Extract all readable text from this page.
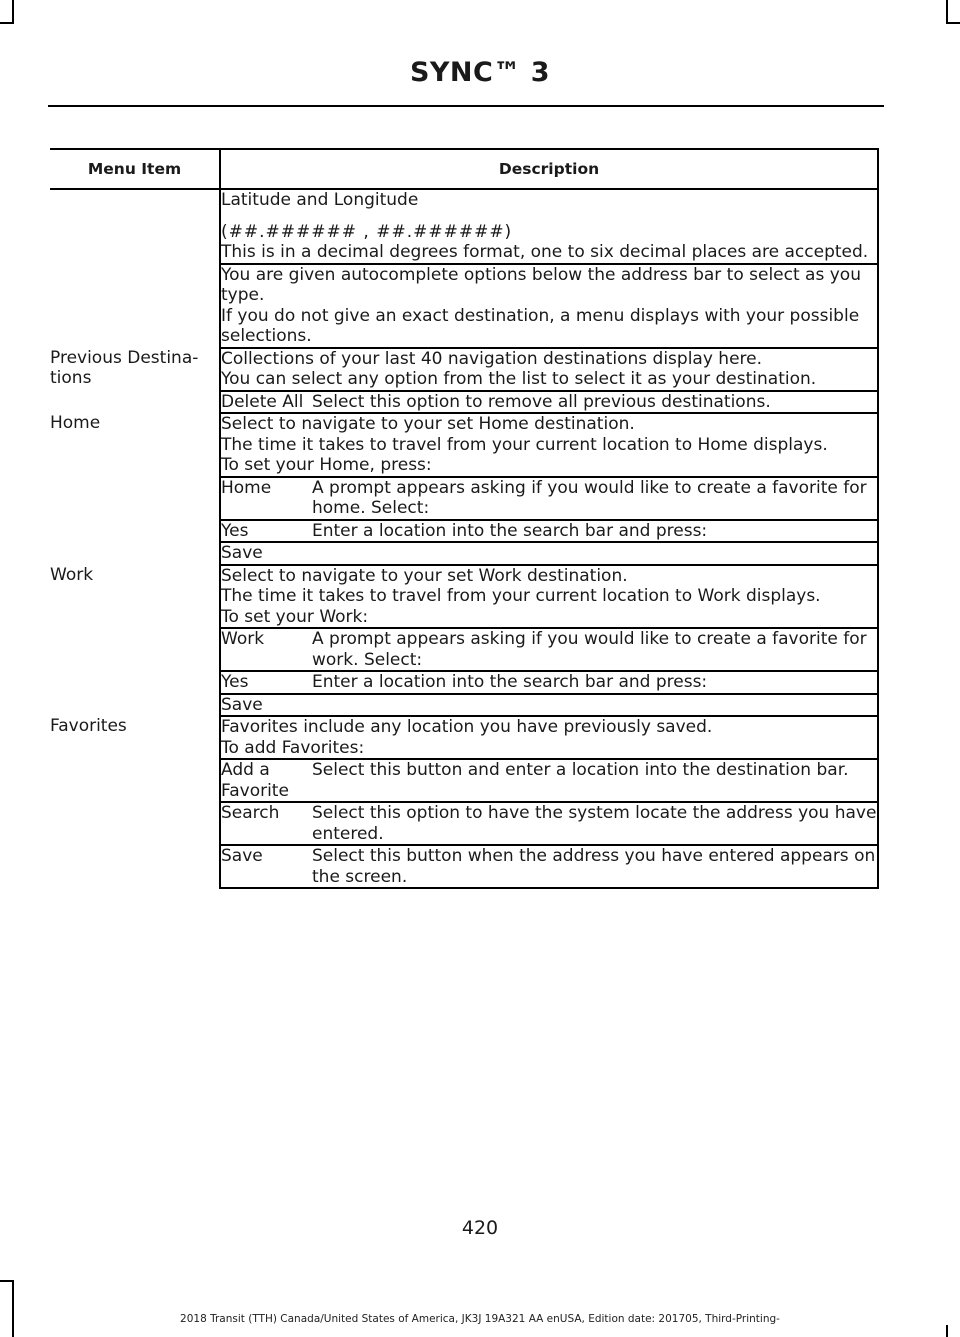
SYNC™ 3
Menu Item	Description	

	Latitude and Longitude

(##.###### , ##.######)

This is in a decimal degrees format, one to six decimal places are accepted.	

	You are given autocomplete options below the address bar to select as you type.

If you do not give an exact destination, a menu displays with your possible selections.	

Previous Destina-tions	Collections of your last 40 navigation destinations display here.

You can select any option from the list to select it as your destination.	

	Delete All	Select this option to remove all previous destinations.
Home	Select to navigate to your set Home destination.

The time it takes to travel from your current location to Home displays.

To set your Home, press:	

	Home	A prompt appears asking if you would like to create a favorite for home. Select:
	Yes	Enter a location into the search bar and press:
	Save	
Work	Select to navigate to your set Work destination.

The time it takes to travel from your current location to Work displays.

To set your Work:	

	Work	A prompt appears asking if you would like to create a favorite for work. Select:
	Yes	Enter a location into the search bar and press:
	Save	
Favorites	Favorites include any location you have previously saved.

To add Favorites:	

	Add a Favorite	Select this button and enter a location into the destination bar.
	Search	Select this option to have the system locate the address you have entered.
	Save	Select this button when the address you have entered appears on the screen.
420
2018 Transit (TTH) Canada/United States of America, JK3J 19A321 AA enUSA, Edition date: 201705, Third-Printing-
